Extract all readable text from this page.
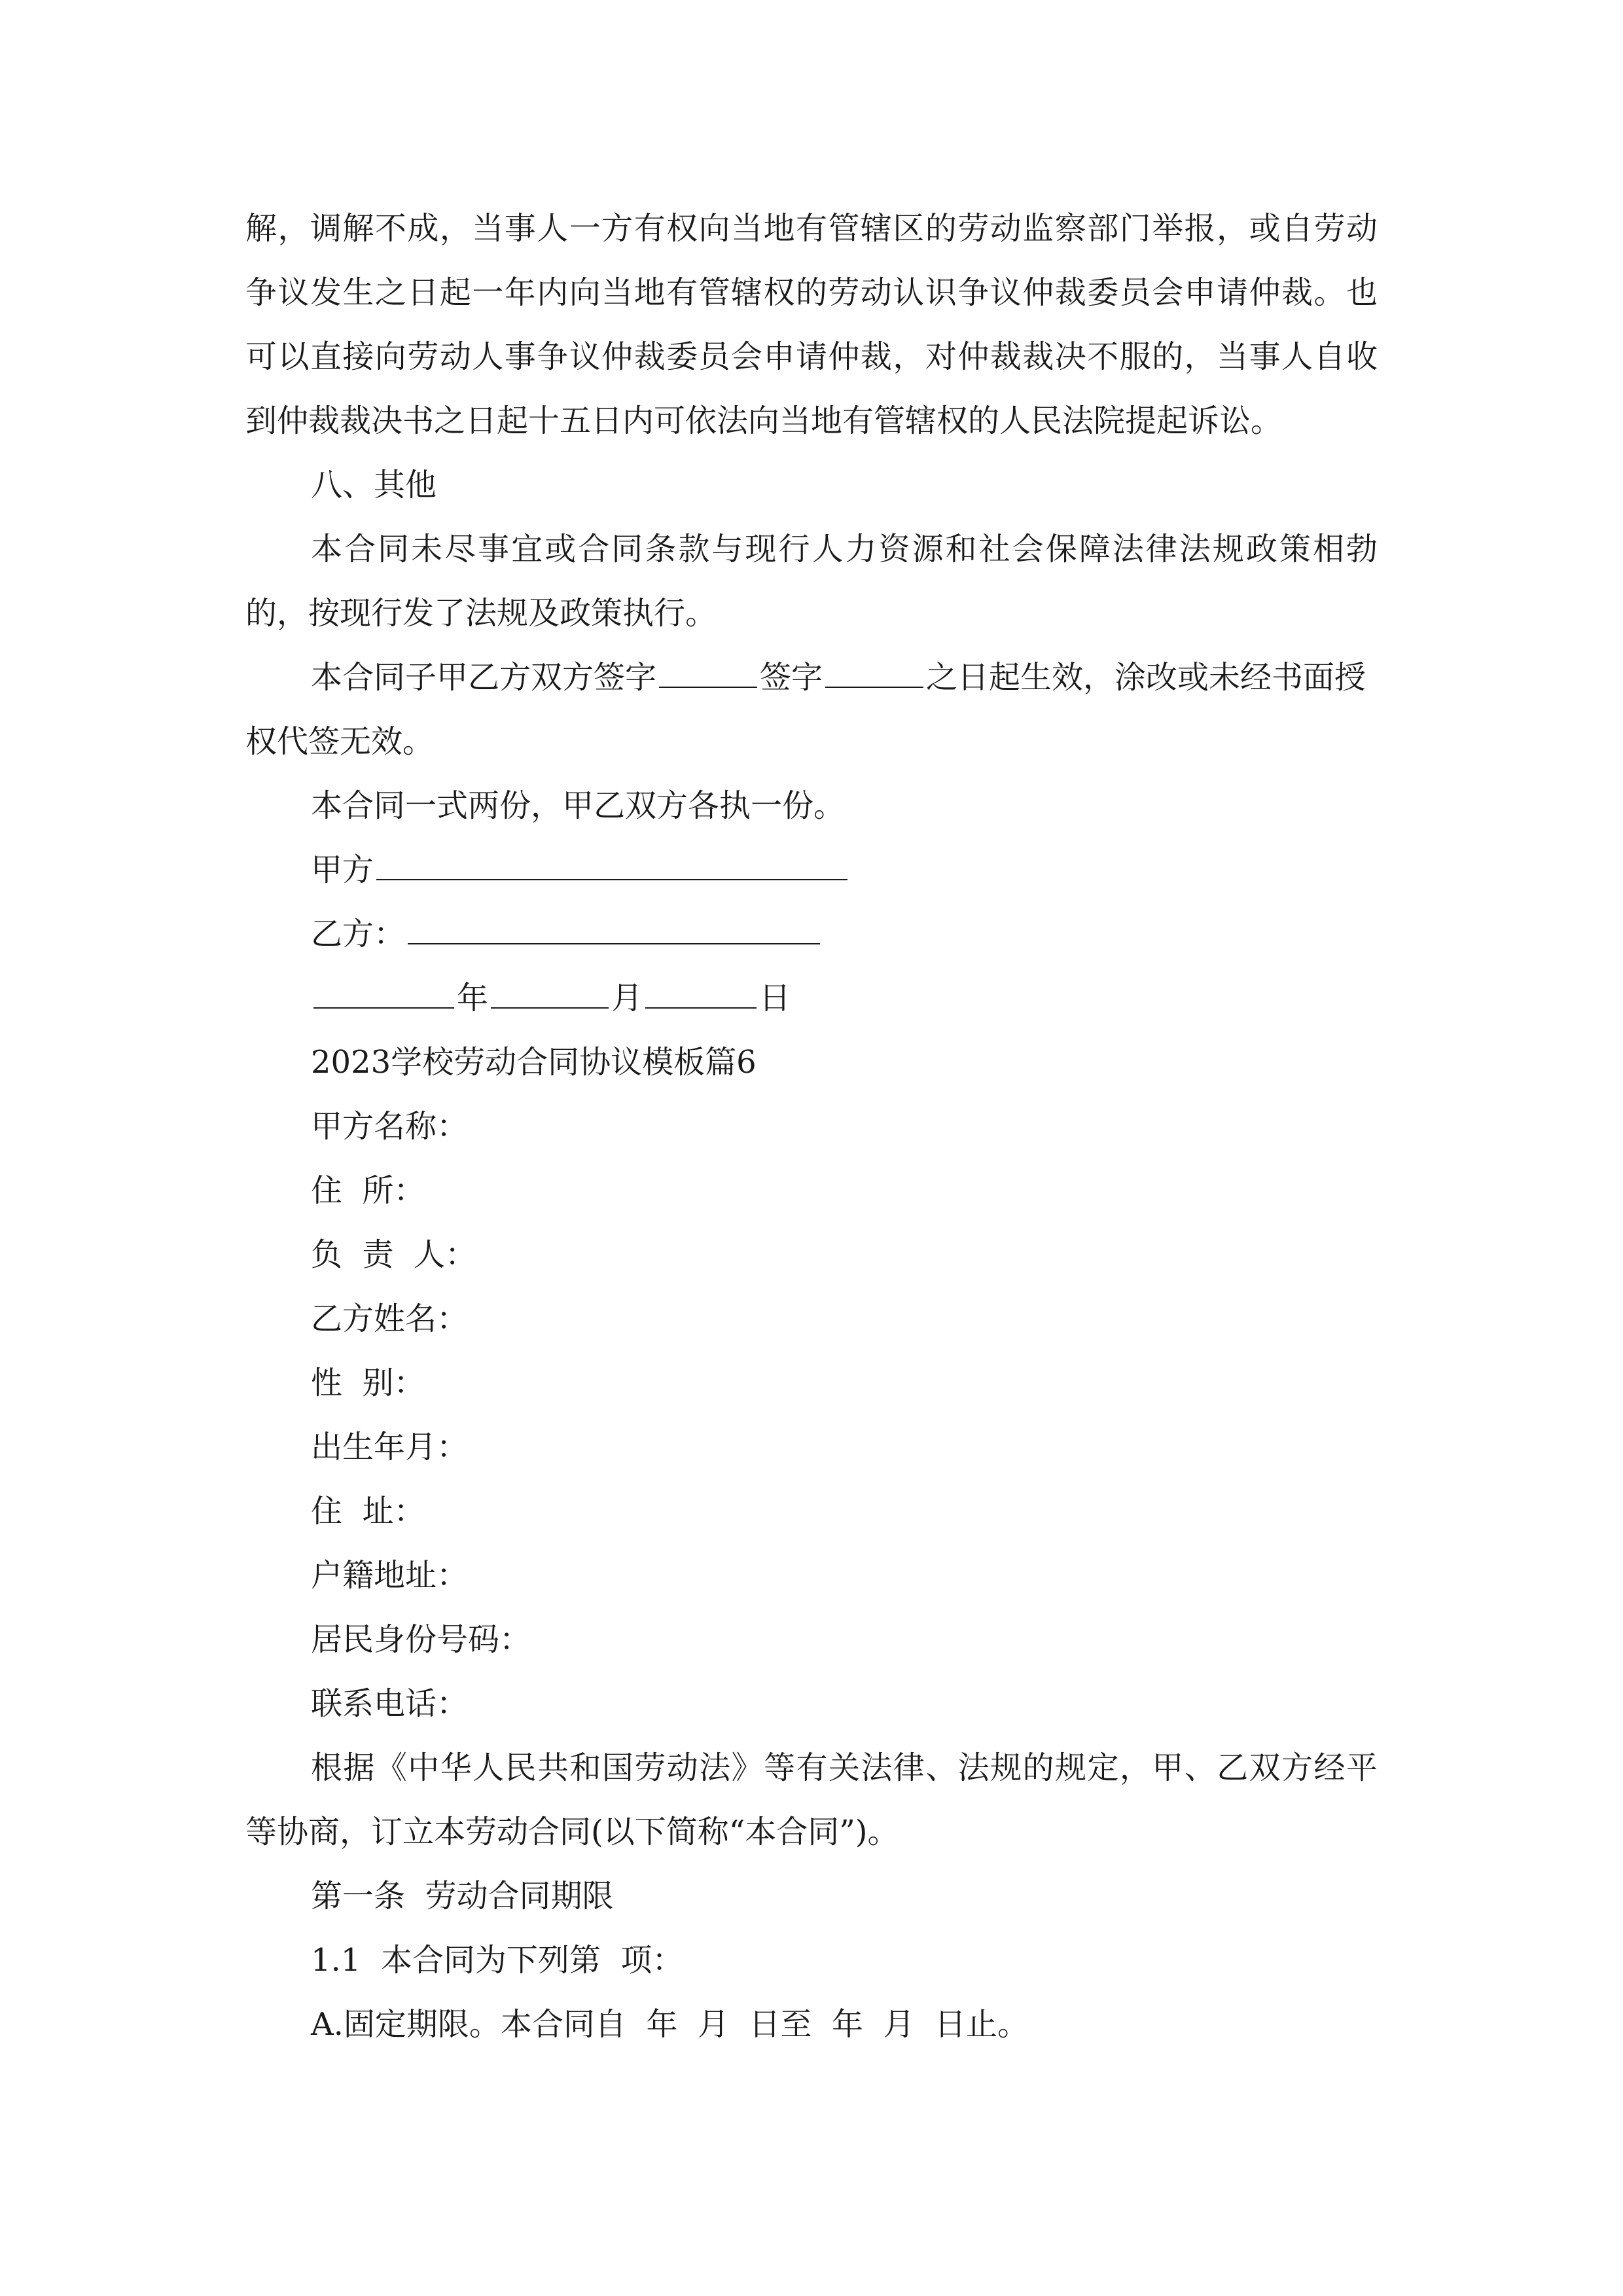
解，调解不成，当事人一方有权向当地有管辖区的劳动监察部门举报，或自劳动
争议发生之日起一年内向当地有管辖权的劳动认识争议仲裁委员会申请仲裁。也
可以直接向劳动人事争议仲裁委员会申请仲裁，对仲裁裁决不服的，当事人自收
到仲裁裁决书之日起十五日内可依法向当地有管辖权的人民法院提起诉讼。
八、其他
本合同未尽事宜或合同条款与现行人力资源和社会保障法律法规政策相勃
的，按现行发了法规及政策执行。
本合同子甲乙方双方签字	签字	之日起生效，涂改或未经书面授
权代签无效。
本合同一式两份，甲乙双方各执一份。
甲方
乙方：
年	月	日
2023学校劳动合同协议模板篇6
甲方名称：
住  所：
负  责  人：
乙方姓名：
性  别：
出生年月：
住  址：
户籍地址：
居民身份号码：
联系电话：
根据《中华人民共和国劳动法》等有关法律、法规的规定，甲、乙双方经平
等协商，订立本劳动合同(以下简称“本合同”)。
第一条  劳动合同期限
1.1  本合同为下列第  项：
A.固定期限。本合同自  年  月  日至  年  月  日止。
